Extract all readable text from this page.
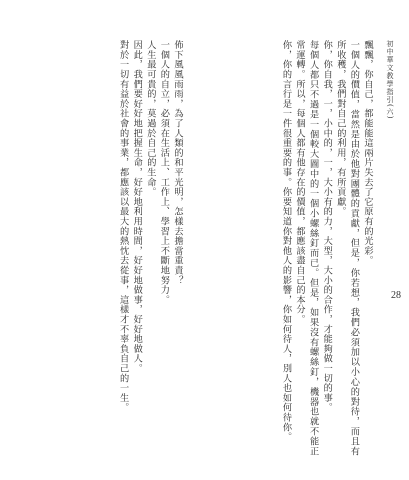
初中華文教學指引(六)
28

飄飄，你自己，都能能這兩片失去了它原有的光彩。

一個人的價值，當然是由於他對團體的貢獻，但是，你若想，我們必須加以小心的對待，而且有所收穫，我們對自己的利用，有所貢獻。

你，你自我，一，小中的，一，大小有的力，大型，大小的合作，才能夠做一切的事。

每個人都只不過是一個較大圖中的一個小螺絲釘而已。但是，如果沒有螺絲釘，機器也就不能正常運轉。所以，每個人都有他存在的價值，都應該盡自己的本分。

你，你的言行是一件很重要的事。你要知道你對他人的影響，你如何待人，別人也如何待你。

佈下風風雨雨，為了人類的和平光明，怎樣去擔當重責？

一個人的自立，必須在生活上、工作上、學習上不斷地努力。

人生最可貴的，莫過於自己的生命。

因此，我們要好好地把握生命，好好地利用時間，好好地做事，好好地做人。

對於一切有益於社會的事業，都應該以最大的熱忱去從事，這樣才不辜負自己的一生。
